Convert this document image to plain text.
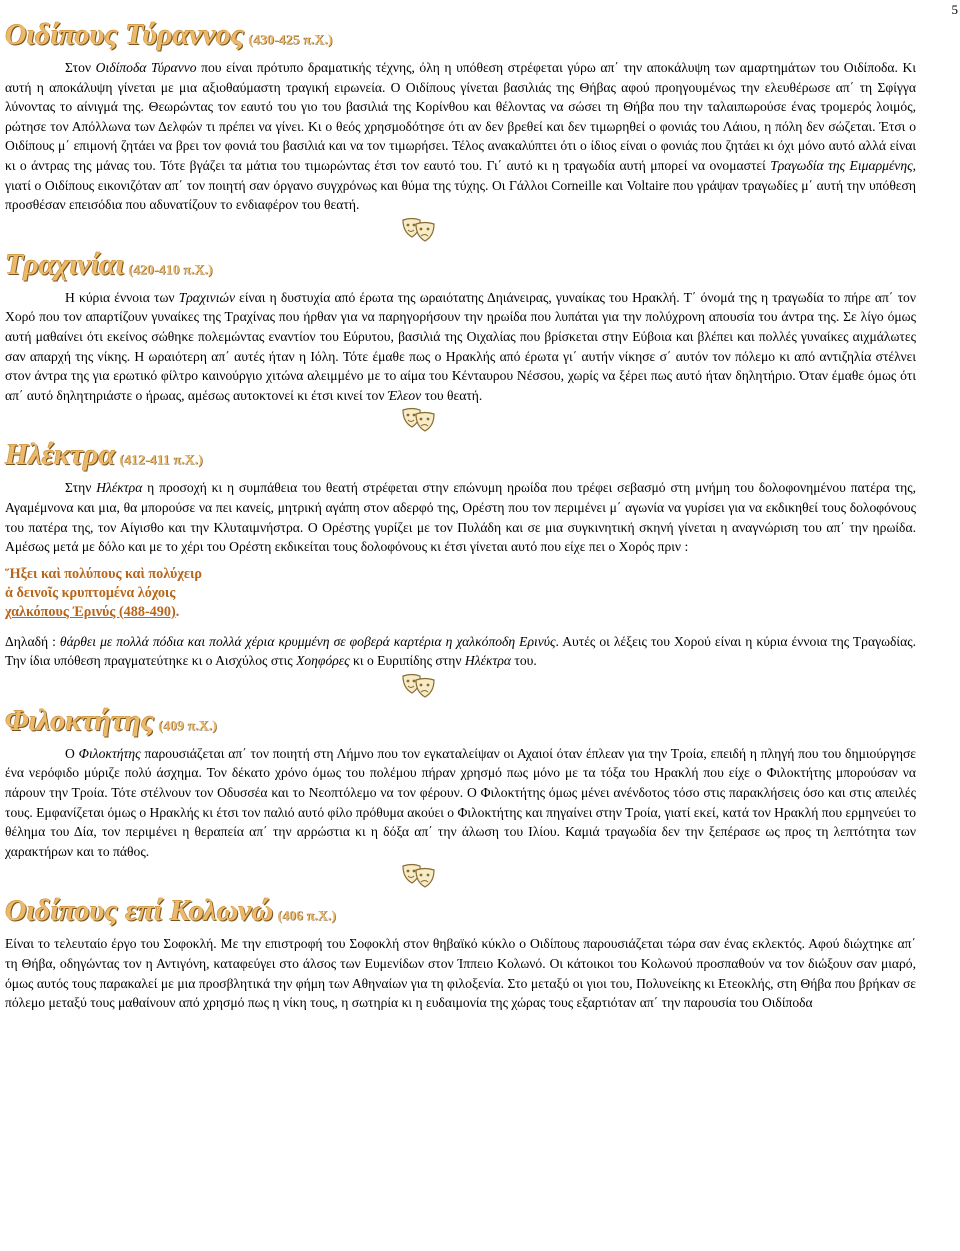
5
Οιδίπους Τύραννος (430-425 π.Χ.)

Στον Οιδίποδα Τύραννο που είναι πρότυπο δραματικής τέχνης, όλη η υπόθεση στρέφεται γύρω απ΄ την αποκάλυψη των αμαρτημάτων του Οιδίποδα. Κι αυτή η αποκάλυψη γίνεται με μια αξιοθαύμαστη τραγική ειρωνεία. Ο Οιδίπους γίνεται βασιλιάς της Θήβας αφού προηγουμένως την ελευθέρωσε απ΄ τη Σφίγγα λύνοντας το αίνιγμά της. Θεωρώντας τον εαυτό του γιο του βασιλιά της Κορίνθου και θέλοντας να σώσει τη Θήβα που την ταλαιπωρούσε ένας τρομερός λοιμός, ρώτησε τον Απόλλωνα των Δελφών τι πρέπει να γίνει. Κι ο θεός χρησμοδότησε ότι αν δεν βρεθεί και δεν τιμωρηθεί ο φονιάς του Λάιου, η πόλη δεν σώζεται. Έτσι ο Οιδίπους μ΄ επιμονή ζητάει να βρει τον φονιά του βασιλιά και να τον τιμωρήσει. Τέλος ανακαλύπτει ότι ο ίδιος είναι ο φονιάς που ζητάει κι όχι μόνο αυτό αλλά είναι κι ο άντρας της μάνας του. Τότε βγάζει τα μάτια του τιμωρώντας έτσι τον εαυτό του. Γι΄ αυτό κι η τραγωδία αυτή μπορεί να ονομαστεί Τραγωδία της Ειμαρμένης, γιατί ο Οιδίπους εικονιζόταν απ΄ τον ποιητή σαν όργανο συγχρόνως και θύμα της τύχης. Οι Γάλλοι Corneille και Voltaire που γράψαν τραγωδίες μ΄ αυτή την υπόθεση προσθέσαν επεισόδια που αδυνατίζουν το ενδιαφέρον του θεατή.

Τραχινίαι (420-410 π.Χ.)

Η κύρια έννοια των Τραχινιών είναι η δυστυχία από έρωτα της ωραιότατης Δηιάνειρας, γυναίκας του Ηρακλή. Τ΄ όνομά της η τραγωδία το πήρε απ΄ τον Χορό που τον απαρτίζουν γυναίκες της Τραχίνας που ήρθαν για να παρηγορήσουν την ηρωίδα που λυπάται για την πολύχρονη απουσία του άντρα της. Σε λίγο όμως αυτή μαθαίνει ότι εκείνος σώθηκε πολεμώντας εναντίον του Εύρυτου, βασιλιά της Οιχαλίας που βρίσκεται στην Εύβοια και βλέπει και πολλές γυναίκες αιχμάλωτες σαν απαρχή της νίκης. Η ωραιότερη απ΄ αυτές ήταν η Ιόλη. Τότε έμαθε πως ο Ηρακλής από έρωτα γι΄ αυτήν νίκησε σ΄ αυτόν τον πόλεμο κι από αντιζηλία στέλνει στον άντρα της για ερωτικό φίλτρο καινούργιο χιτώνα αλειμμένο με το αίμα του Κένταυρου Νέσσου, χωρίς να ξέρει πως αυτό ήταν δηλητήριο. Όταν έμαθε όμως ότι απ΄ αυτό δηλητηριάστε ο ήρωας, αμέσως αυτοκτονεί κι έτσι κινεί τον Έλεον του θεατή.

Ηλέκτρα (412-411 π.Χ.)

Στην Ηλέκτρα η προσοχή κι η συμπάθεια του θεατή στρέφεται στην επώνυμη ηρωίδα που τρέφει σεβασμό στη μνήμη του δολοφονημένου πατέρα της, Αγαμέμνονα και μια, θα μπορούσε να πει κανείς, μητρική αγάπη στον αδερφό της, Ορέστη που τον περιμένει μ΄ αγωνία να γυρίσει για να εκδικηθεί τους δολοφόνους του πατέρα της, τον Αίγισθο και την Κλυταιμνήστρα. Ο Ορέστης γυρίζει με τον Πυλάδη και σε μια συγκινητική σκηνή γίνεται η αναγνώριση του απ΄ την ηρωίδα. Αμέσως μετά με δόλο και με το χέρι του Ορέστη εκδικείται τους δολοφόνους κι έτσι γίνεται αυτό που είχε πει ο Χορός πριν :

Ἥξει καὶ πολύπους καὶ πολύχειρ
ἁ δεινοῖς κρυπτομένα λόχοις
χαλκόπους Ἐρινύς (488-490).

Δηλαδή : θάρθει με πολλά πόδια και πολλά χέρια κρυμμένη σε φοβερά καρτέρια η χαλκόποδη Ερινύς. Αυτές οι λέξεις του Χορού είναι η κύρια έννοια της Τραγωδίας. Την ίδια υπόθεση πραγματεύτηκε κι ο Αισχύλος στις Χοηφόρες κι ο Ευριπίδης στην Ηλέκτρα του.

Φιλοκτήτης (409 π.Χ.)

Ο Φιλοκτήτης παρουσιάζεται απ΄ τον ποιητή στη Λήμνο που τον εγκαταλείψαν οι Αχαιοί όταν έπλεαν για την Τροία, επειδή η πληγή που του δημιούργησε ένα νερόφιδο μύριζε πολύ άσχημα. Τον δέκατο χρόνο όμως του πολέμου πήραν χρησμό πως μόνο με τα τόξα του Ηρακλή που είχε ο Φιλοκτήτης μπορούσαν να πάρουν την Τροία. Τότε στέλνουν τον Οδυσσέα και το Νεοπτόλεμο να τον φέρουν. Ο Φιλοκτήτης όμως μένει ανένδοτος τόσο στις παρακλήσεις όσο και στις απειλές τους. Εμφανίζεται όμως ο Ηρακλής κι έτσι τον παλιό αυτό φίλο πρόθυμα ακούει ο Φιλοκτήτης και πηγαίνει στην Τροία, γιατί εκεί, κατά τον Ηρακλή που ερμηνεύει το θέλημα του Δία, τον περιμένει η θεραπεία απ΄ την αρρώστια κι η δόξα απ΄ την άλωση του Ιλίου. Καμιά τραγωδία δεν την ξεπέρασε ως προς τη λεπτότητα των χαρακτήρων και το πάθος.

Οιδίπους επί Κολωνώ (406 π.Χ.)

Είναι το τελευταίο έργο του Σοφοκλή. Με την επιστροφή του Σοφοκλή στον θηβαϊκό κύκλο ο Οιδίπους παρουσιάζεται τώρα σαν ένας εκλεκτός. Αφού διώχτηκε απ΄ τη Θήβα, οδηγώντας τον η Αντιγόνη, καταφεύγει στο άλσος των Ευμενίδων στον Ίππειο Κολωνό. Οι κάτοικοι του Κολωνού προσπαθούν να τον διώξουν σαν μιαρό, όμως αυτός τους παρακαλεί με μια προσβλητικά την φήμη των Αθηναίων για τη φιλοξενία. Στο μεταξύ οι γιοι του, Πολυνείκης κι Ετεοκλής, στη Θήβα που βρήκαν σε πόλεμο μεταξύ τους μαθαίνουν από χρησμό πως η νίκη τους, η σωτηρία κι η ευδαιμονία της χώρας τους εξαρτιόταν απ΄ την παρουσία του Οιδίποδα
